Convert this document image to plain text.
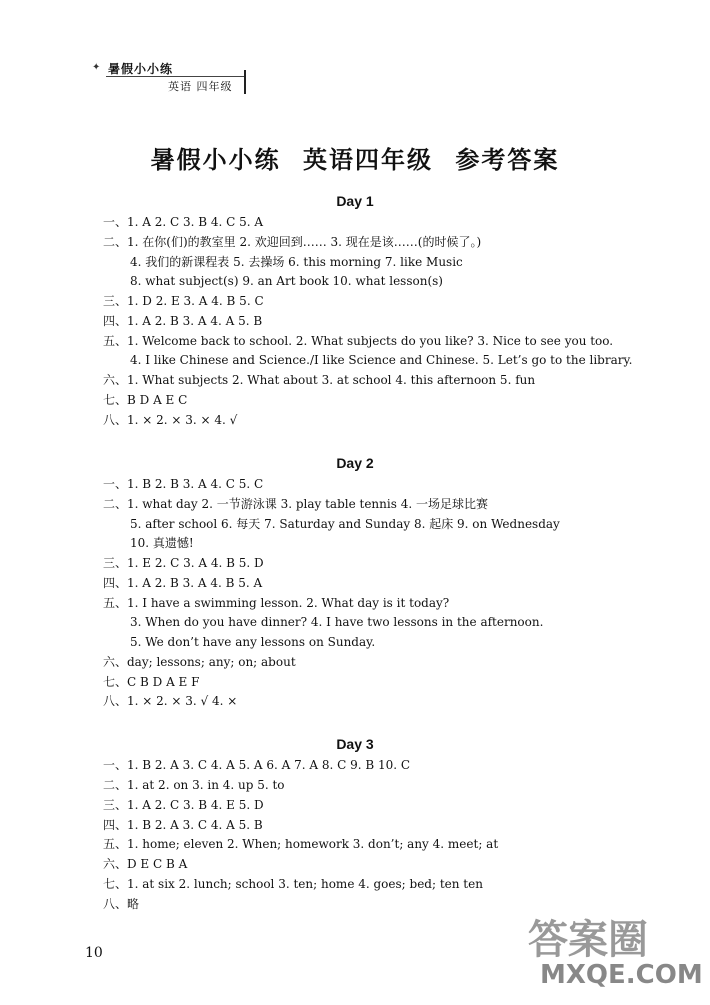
✦ 暑假小小练
英语 四年级
暑假小小练 英语四年级 参考答案
Day 1
一、1. A 2. C 3. B 4. C 5. A
二、1. 在你(们)的教室里 2. 欢迎回到…… 3. 现在是该……(的时候了。)
4. 我们的新课程表 5. 去操场 6. this morning 7. like Music
8. what subject(s) 9. an Art book 10. what lesson(s)
三、1. D 2. E 3. A 4. B 5. C
四、1. A 2. B 3. A 4. A 5. B
五、1. Welcome back to school. 2. What subjects do you like? 3. Nice to see you too.
4. I like Chinese and Science./I like Science and Chinese. 5. Let’s go to the library.
六、1. What subjects 2. What about 3. at school 4. this afternoon 5. fun
七、B D A E C
八、1. × 2. × 3. × 4. √
Day 2
一、1. B 2. B 3. A 4. C 5. C
二、1. what day 2. 一节游泳课 3. play table tennis 4. 一场足球比赛
5. after school 6. 每天 7. Saturday and Sunday 8. 起床 9. on Wednesday
10. 真遗憾!
三、1. E 2. C 3. A 4. B 5. D
四、1. A 2. B 3. A 4. B 5. A
五、1. I have a swimming lesson. 2. What day is it today?
3. When do you have dinner? 4. I have two lessons in the afternoon.
5. We don’t have any lessons on Sunday.
六、day; lessons; any; on; about
七、C B D A E F
八、1. × 2. × 3. √ 4. ×
Day 3
一、1. B 2. A 3. C 4. A 5. A 6. A 7. A 8. C 9. B 10. C
二、1. at 2. on 3. in 4. up 5. to
三、1. A 2. C 3. B 4. E 5. D
四、1. B 2. A 3. C 4. A 5. B
五、1. home; eleven 2. When; homework 3. don’t; any 4. meet; at
六、D E C B A
七、1. at six 2. lunch; school 3. ten; home 4. goes; bed; ten ten
八、略
10	答案圈
MXQE.COM
